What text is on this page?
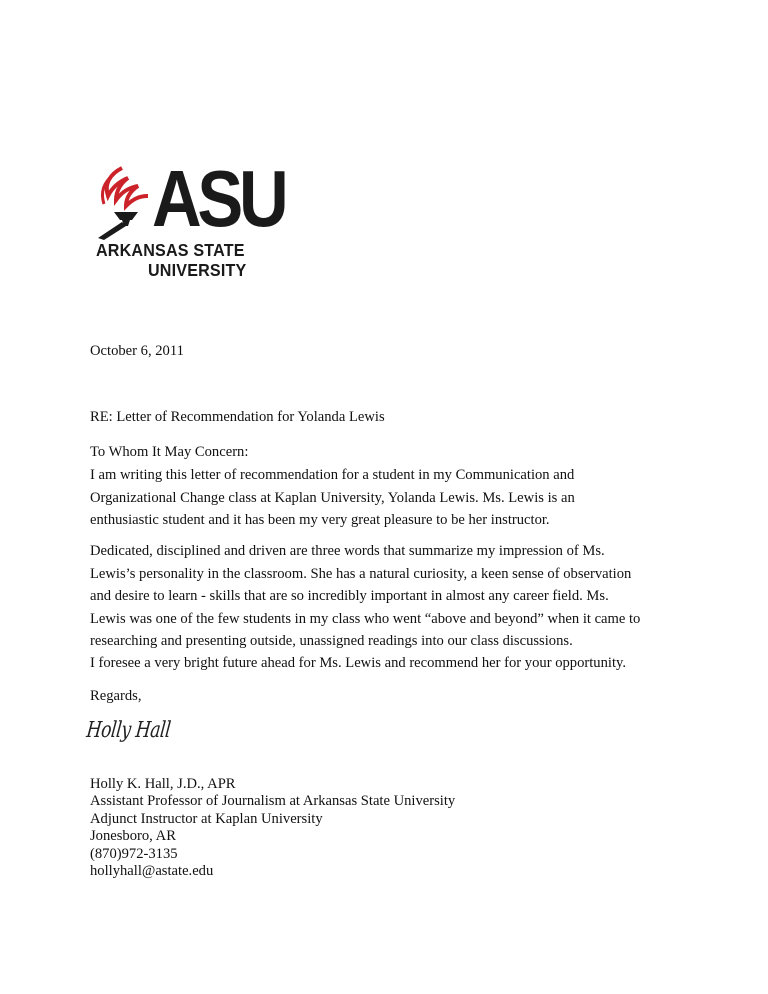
ASU
ARKANSAS STATE
UNIVERSITY
October 6, 2011
RE: Letter of Recommendation for Yolanda Lewis
To Whom It May Concern:
I am writing this letter of recommendation for a student in my Communication and
Organizational Change class at Kaplan University, Yolanda Lewis. Ms. Lewis is an
enthusiastic student and it has been my very great pleasure to be her instructor.
Dedicated, disciplined and driven are three words that summarize my impression of Ms.
Lewis’s personality in the classroom. She has a natural curiosity, a keen sense of observation
and desire to learn - skills that are so incredibly important in almost any career field. Ms.
Lewis was one of the few students in my class who went “above and beyond” when it came to
researching and presenting outside, unassigned readings into our class discussions.
I foresee a very bright future ahead for Ms. Lewis and recommend her for your opportunity.
Regards,
Holly Hall
Holly K. Hall, J.D., APR
Assistant Professor of Journalism at Arkansas State University
Adjunct Instructor at Kaplan University
Jonesboro, AR
(870)972-3135
hollyhall@astate.edu
